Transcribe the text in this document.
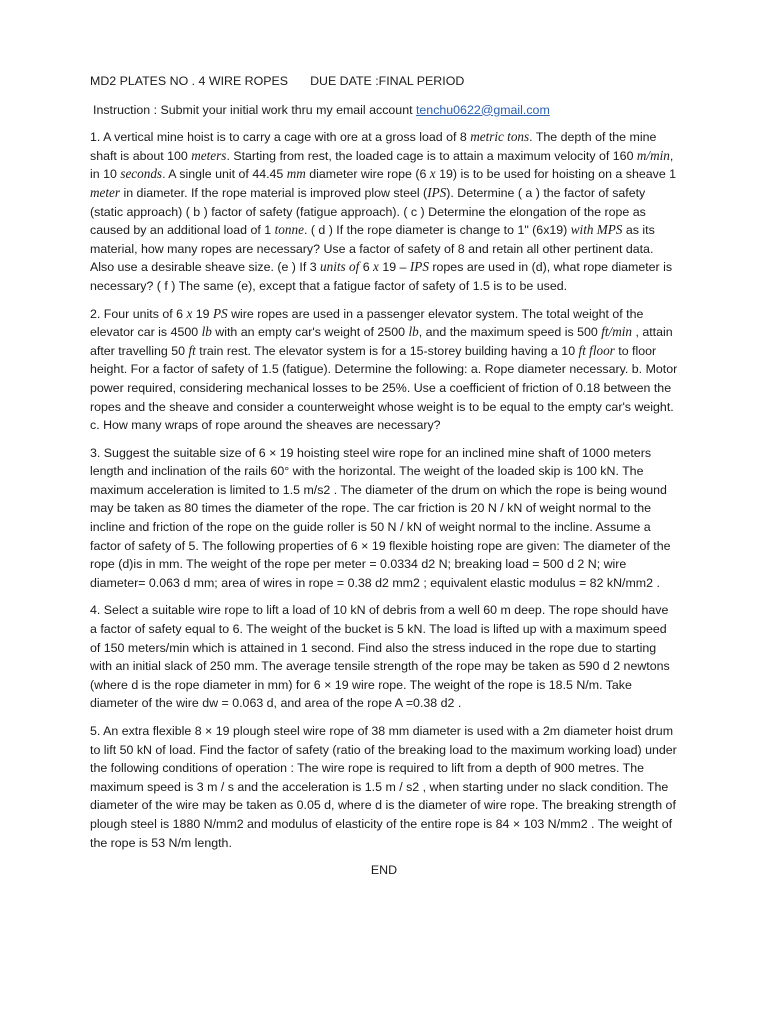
MD2 PLATES NO . 4 WIRE ROPES DUE DATE :FINAL PERIOD

Instruction : Submit your initial work thru my email account tenchu0622@gmail.com

1. A vertical mine hoist is to carry a cage with ore at a gross load of 8 metric tons. The depth of the mine shaft is about 100 meters. Starting from rest, the loaded cage is to attain a maximum velocity of 160 m/min, in 10 seconds. A single unit of 44.45 mm diameter wire rope (6 x 19) is to be used for hoisting on a sheave 1 meter in diameter. If the rope material is improved plow steel (IPS). Determine ( a ) the factor of safety (static approach) ( b ) factor of safety (fatigue approach). ( c ) Determine the elongation of the rope as caused by an additional load of 1 tonne. ( d ) If the rope diameter is change to 1" (6x19) with MPS as its material, how many ropes are necessary? Use a factor of safety of 8 and retain all other pertinent data. Also use a desirable sheave size. (e ) If 3 units of 6 x 19 – IPS ropes are used in (d), what rope diameter is necessary? ( f ) The same (e), except that a fatigue factor of safety of 1.5 is to be used.

2. Four units of 6 x 19 PS wire ropes are used in a passenger elevator system. The total weight of the elevator car is 4500 lb with an empty car's weight of 2500 lb, and the maximum speed is 500 ft/min , attain after travelling 50 ft train rest. The elevator system is for a 15-storey building having a 10 ft floor to floor height. For a factor of safety of 1.5 (fatigue). Determine the following: a. Rope diameter necessary. b. Motor power required, considering mechanical losses to be 25%. Use a coefficient of friction of 0.18 between the ropes and the sheave and consider a counterweight whose weight is to be equal to the empty car's weight. c. How many wraps of rope around the sheaves are necessary?

3. Suggest the suitable size of 6 × 19 hoisting steel wire rope for an inclined mine shaft of 1000 meters length and inclination of the rails 60° with the horizontal. The weight of the loaded skip is 100 kN. The maximum acceleration is limited to 1.5 m/s2 . The diameter of the drum on which the rope is being wound may be taken as 80 times the diameter of the rope. The car friction is 20 N / kN of weight normal to the incline and friction of the rope on the guide roller is 50 N / kN of weight normal to the incline. Assume a factor of safety of 5. The following properties of 6 × 19 flexible hoisting rope are given: The diameter of the rope (d)is in mm. The weight of the rope per meter = 0.0334 d2 N; breaking load = 500 d 2 N; wire diameter= 0.063 d mm; area of wires in rope = 0.38 d2 mm2 ; equivalent elastic modulus = 82 kN/mm2 .

4. Select a suitable wire rope to lift a load of 10 kN of debris from a well 60 m deep. The rope should have a factor of safety equal to 6. The weight of the bucket is 5 kN. The load is lifted up with a maximum speed of 150 meters/min which is attained in 1 second. Find also the stress induced in the rope due to starting with an initial slack of 250 mm. The average tensile strength of the rope may be taken as 590 d 2 newtons (where d is the rope diameter in mm) for 6 × 19 wire rope. The weight of the rope is 18.5 N/m. Take diameter of the wire dw = 0.063 d, and area of the rope A =0.38 d2 .

5. An extra flexible 8 × 19 plough steel wire rope of 38 mm diameter is used with a 2m diameter hoist drum to lift 50 kN of load. Find the factor of safety (ratio of the breaking load to the maximum working load) under the following conditions of operation : The wire rope is required to lift from a depth of 900 metres. The maximum speed is 3 m / s and the acceleration is 1.5 m / s2 , when starting under no slack condition. The diameter of the wire may be taken as 0.05 d, where d is the diameter of wire rope. The breaking strength of plough steel is 1880 N/mm2 and modulus of elasticity of the entire rope is 84 × 103 N/mm2 . The weight of the rope is 53 N/m length.

END
